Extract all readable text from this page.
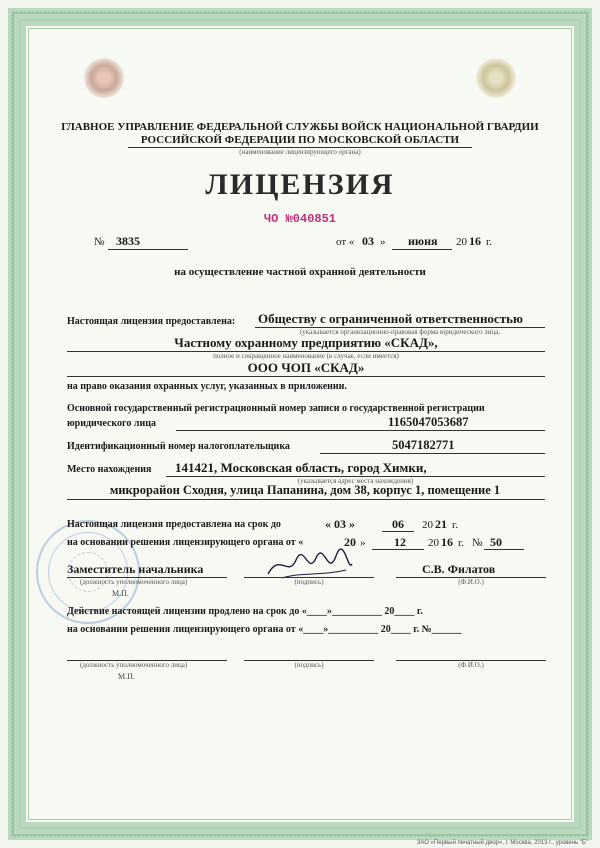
ГЛАВНОЕ УПРАВЛЕНИЕ ФЕДЕРАЛЬНОЙ СЛУЖБЫ ВОЙСК НАЦИОНАЛЬНОЙ ГВАРДИИ
РОССИЙСКОЙ ФЕДЕРАЦИИ ПО МОСКОВСКОЙ ОБЛАСТИ
(наименование лицензирующего органа)
ЛИЦЕНЗИЯ
ЧО №040851
№ 3835	от « 03 » июня 20 16 г.
на осуществление частной охранной деятельности
Настоящая лицензия предоставлена: Обществу с ограниченной ответственностью
(указывается организационно-правовая форма юридического лица,
Частному охранному предприятию «СКАД»,
полное и сокращенное наименование (в случае, если имеется)
ООО ЧОП «СКАД»
на право оказания охранных услуг, указанных в приложении.
Основной государственный регистрационный номер записи о государственной регистрации
юридического лица	1165047053687
Идентификационный номер налогоплательщика	5047182771
Место нахождения 141421, Московская область, город Химки,
(указывается адрес места нахождения)
микрорайон Сходня, улица Папанина, дом 38, корпус 1, помещение 1
Настоящая лицензия предоставлена на срок до	« 03 »	06 20 21 г.
на основании решения лицензирующего органа от «	20 » 12 20 16 г. № 50
Заместитель начальника
(должность уполномоченного лица)	(подпись)
С.В. Филатов
(Ф.И.О.)
М.П.
Действие настоящей лицензии продлено на срок до «____»__________ 20____ г.
на основании решения лицензирующего органа от «____»__________ 20____ г. №______
(должность уполномоченного лица)	(подпись)	(Ф.И.О.)
М.П.
ЗАО «Первый печатный двор», г. Москва, 2013 г., уровень "Б"
